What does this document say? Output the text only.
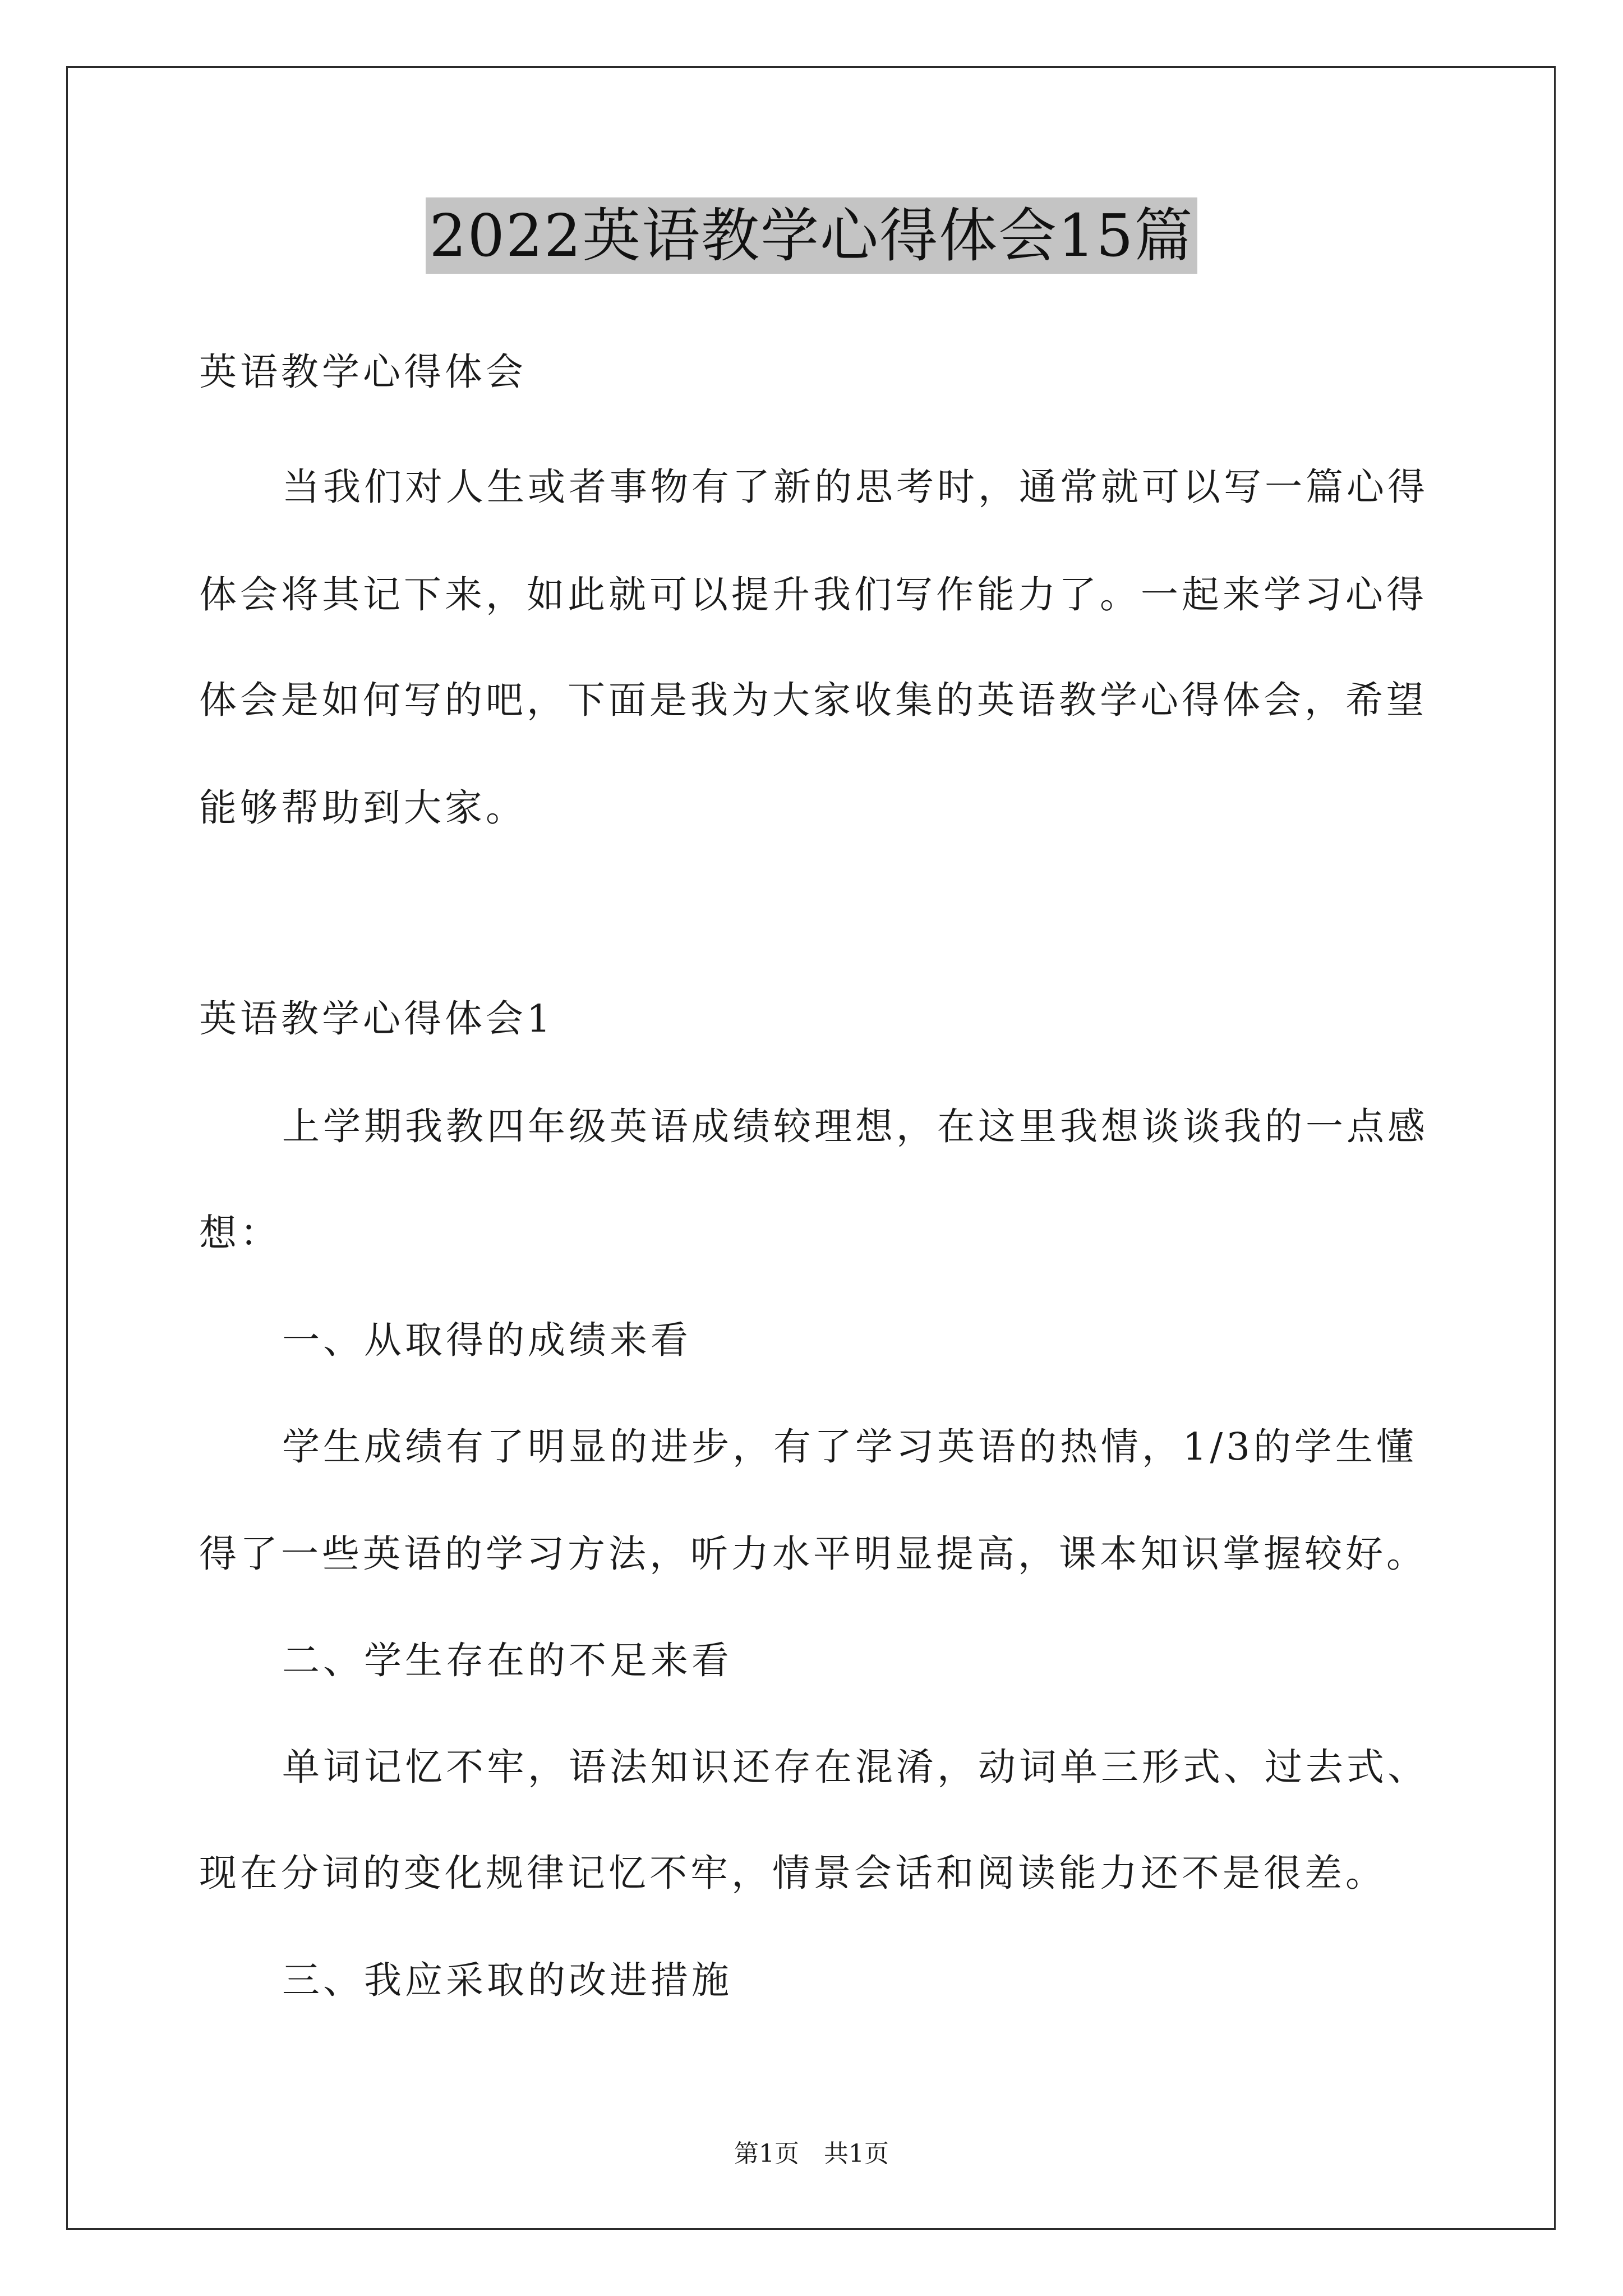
2022英语教学心得体会15篇
英语教学心得体会
当我们对人生或者事物有了新的思考时，通常就可以写一篇心得
体会将其记下来，如此就可以提升我们写作能力了。一起来学习心得
体会是如何写的吧，下面是我为大家收集的英语教学心得体会，希望
能够帮助到大家。
英语教学心得体会1
上学期我教四年级英语成绩较理想，在这里我想谈谈我的一点感
想：
一、从取得的成绩来看
学生成绩有了明显的进步，有了学习英语的热情，1/3的学生懂
得了一些英语的学习方法，听力水平明显提高，课本知识掌握较好。
二、学生存在的不足来看
单词记忆不牢，语法知识还存在混淆，动词单三形式、过去式、
现在分词的变化规律记忆不牢，情景会话和阅读能力还不是很差。
三、我应采取的改进措施
第1页　共1页
